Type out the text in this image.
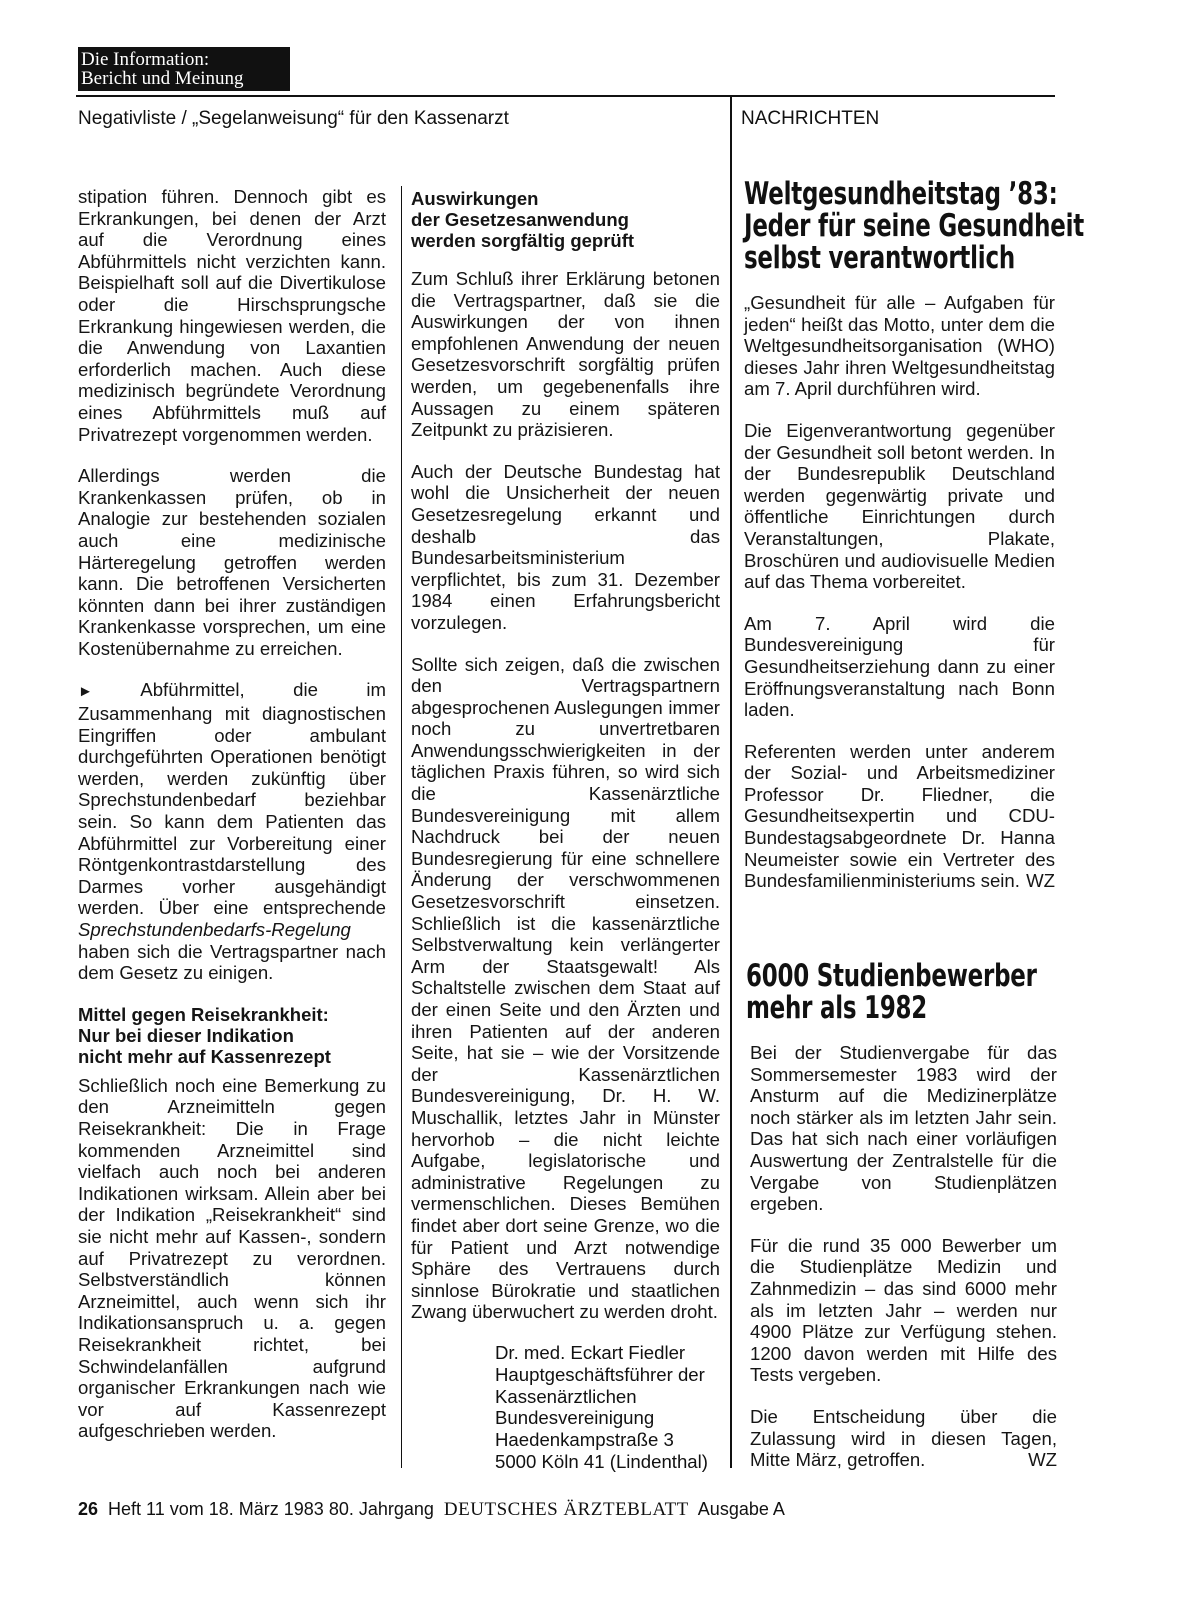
Die Information:
Bericht und Meinung
Negativliste / „Segelanweisung“ für den Kassenarzt	NACHRICHTEN

stipation führen. Dennoch gibt es Erkrankungen, bei denen der Arzt auf die Verordnung eines Abführmittels nicht verzichten kann. Beispielhaft soll auf die Divertikulose oder die Hirschsprungsche Erkrankung hingewiesen werden, die die Anwendung von Laxantien erforderlich machen. Auch diese medizinisch begründete Verordnung eines Abführmittels muß auf Privatrezept vorgenommen werden.

Allerdings werden die Krankenkassen prüfen, ob in Analogie zur bestehenden sozialen auch eine medizinische Härteregelung getroffen werden kann. Die betroffenen Versicherten könnten dann bei ihrer zuständigen Krankenkasse vorsprechen, um eine Kostenübernahme zu erreichen.

►	Abführmittel, die im Zusammenhang mit diagnostischen Eingriffen oder ambulant durchgeführten Operationen benötigt werden, werden zukünftig über Sprechstundenbedarf beziehbar sein. So kann dem Patienten das Abführmittel zur Vorbereitung einer Röntgenkontrastdarstellung des Darmes vorher ausgehändigt werden. Über eine entsprechende Sprechstundenbedarfs-Regelung haben sich die Vertragspartner nach dem Gesetz zu einigen.

Mittel gegen Reisekrankheit:
Nur bei dieser Indikation
nicht mehr auf Kassenrezept

Schließlich noch eine Bemerkung zu den Arzneimitteln gegen Reisekrankheit: Die in Frage kommenden Arzneimittel sind vielfach auch noch bei anderen Indikationen wirksam. Allein aber bei der Indikation „Reisekrankheit“ sind sie nicht mehr auf Kassen-, sondern auf Privatrezept zu verordnen. Selbstverständlich können Arzneimittel, auch wenn sich ihr Indikationsanspruch u. a. gegen Reisekrankheit richtet, bei Schwindelanfällen aufgrund organischer Erkrankungen nach wie vor auf Kassenrezept aufgeschrieben werden.

Auswirkungen
der Gesetzesanwendung
werden sorgfältig geprüft

Zum Schluß ihrer Erklärung betonen die Vertragspartner, daß sie die Auswirkungen der von ihnen empfohlenen Anwendung der neuen Gesetzesvorschrift sorgfältig prüfen werden, um gegebenenfalls ihre Aussagen zu einem späteren Zeitpunkt zu präzisieren.

Auch der Deutsche Bundestag hat wohl die Unsicherheit der neuen Gesetzesregelung erkannt und deshalb das Bundesarbeitsministerium verpflichtet, bis zum 31. Dezember 1984 einen Erfahrungsbericht vorzulegen.

Sollte sich zeigen, daß die zwischen den Vertragspartnern abgesprochenen Auslegungen immer noch zu unvertretbaren Anwendungsschwierigkeiten in der täglichen Praxis führen, so wird sich die Kassenärztliche Bundesvereinigung mit allem Nachdruck bei der neuen Bundesregierung für eine schnellere Änderung der verschwommenen Gesetzesvorschrift einsetzen. Schließlich ist die kassenärztliche Selbstverwaltung kein verlängerter Arm der Staatsgewalt! Als Schaltstelle zwischen dem Staat auf der einen Seite und den Ärzten und ihren Patienten auf der anderen Seite, hat sie – wie der Vorsitzende der Kassenärztlichen Bundesvereinigung, Dr. H. W. Muschallik, letztes Jahr in Münster hervorhob – die nicht leichte Aufgabe, legislatorische und administrative Regelungen zu vermenschlichen. Dieses Bemühen findet aber dort seine Grenze, wo die für Patient und Arzt notwendige Sphäre des Vertrauens durch sinnlose Bürokratie und staatlichen Zwang überwuchert zu werden droht.

Dr. med. Eckart Fiedler
Hauptgeschäftsführer der
Kassenärztlichen
Bundesvereinigung
Haedenkampstraße 3
5000 Köln 41 (Lindenthal)
Weltgesundheitstag ’83:
Jeder für seine Gesundheit
selbst verantwortlich

„Gesundheit für alle – Aufgaben für jeden“ heißt das Motto, unter dem die Weltgesundheitsorganisation (WHO) dieses Jahr ihren Weltgesundheitstag am 7. April durchführen wird.

Die Eigenverantwortung gegenüber der Gesundheit soll betont werden. In der Bundesrepublik Deutschland werden gegenwärtig private und öffentliche Einrichtungen durch Veranstaltungen, Plakate, Broschüren und audiovisuelle Medien auf das Thema vorbereitet.

Am 7. April wird die Bundesvereinigung für Gesundheitserziehung dann zu einer Eröffnungsveranstaltung nach Bonn laden.

Referenten werden unter anderem der Sozial- und Arbeitsmediziner Professor Dr. Fliedner, die Gesundheitsexpertin und CDU-Bundestagsabgeordnete Dr. Hanna Neumeister sowie ein Vertreter des Bundesfamilienministeriums sein. WZ

6000 Studienbewerber
mehr als 1982

Bei der Studienvergabe für das Sommersemester 1983 wird der Ansturm auf die Medizinerplätze noch stärker als im letzten Jahr sein. Das hat sich nach einer vorläufigen Auswertung der Zentralstelle für die Vergabe von Studienplätzen ergeben.

Für die rund 35 000 Bewerber um die Studienplätze Medizin und Zahnmedizin – das sind 6000 mehr als im letzten Jahr – werden nur 4900 Plätze zur Verfügung stehen. 1200 davon werden mit Hilfe des Tests vergeben.

Die Entscheidung über die Zulassung wird in diesen Tagen, Mitte März, getroffen.	WZ

26 Heft 11 vom 18. März 1983 80. Jahrgang DEUTSCHES ÄRZTEBLATT Ausgabe A
